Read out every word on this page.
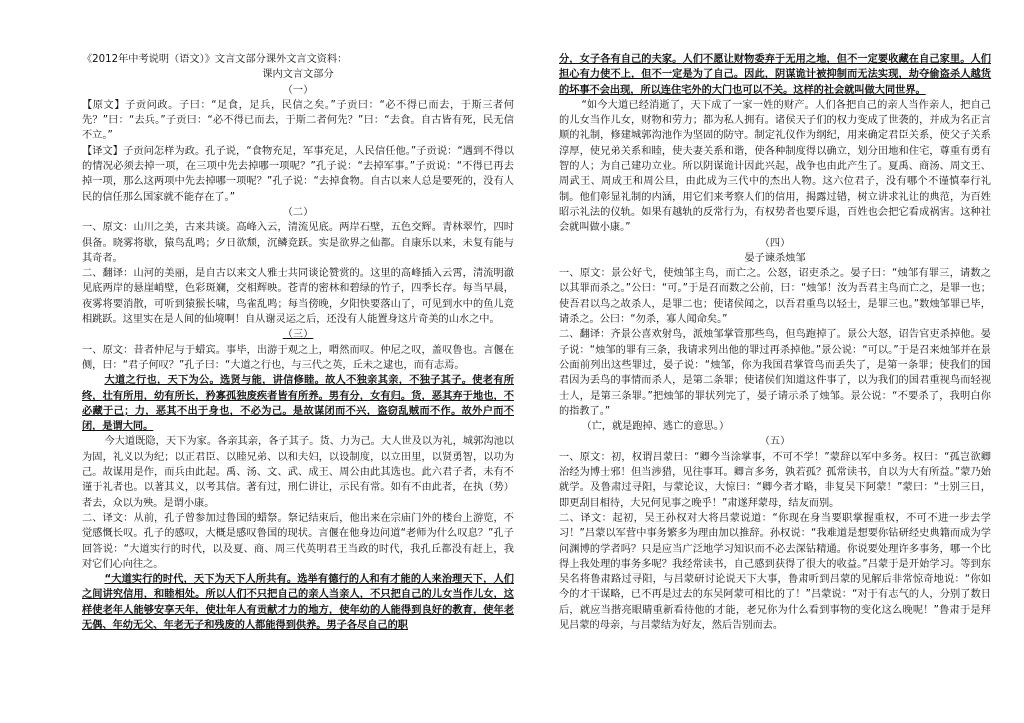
《2012年中考说明（语文）》文言文部分课外文言文资料：

课内文言文部分

（一）

【原文】子贡问政。子曰：“足食，足兵，民信之矣。”子贡曰：“必不得已而去，于斯三者何先？”曰：“去兵。”子贡曰：“必不得已而去，于斯二者何先？”曰：“去食。自古皆有死，民无信不立。”

【译文】子贡问怎样为政。孔子说，“食物充足，军事充足，人民信任他。”子贡说：“遇到不得以的情况必须去掉一项，在三项中先去掉哪一项呢？”孔子说：“去掉军事。”子贡说：“不得已再去掉一项，那么这两项中先去掉哪一项呢？”孔子说：“去掉食物。自古以来人总是要死的，没有人民的信任那么国家就不能存在了。”

（二）

一、原文：山川之美，古来共谈。高峰入云，清流见底。两岸石壁，五色交辉。青林翠竹，四时俱备。晓雾将歇，猿鸟乱鸣；夕日欲颓，沉鳞竞跃。实是欲界之仙都。自康乐以来，未复有能与其奇者。

二、翻译：山河的美丽，是自古以来文人雅士共同谈论赞赏的。这里的高峰插入云霄，清流明澈见底两岸的悬崖峭壁，色彩斑斓，交相辉映。苍青的密林和碧绿的竹子，四季长存。每当早晨，夜雾将要消散，可听到猿猴长啸，鸟雀乱鸣；每当傍晚，夕阳快要落山了，可见到水中的鱼儿竞相跳跃。这里实在是人间的仙境啊！自从谢灵运之后，还没有人能置身这片奇美的山水之中。

（三）

一、原文：昔者仲尼与于蜡宾。事毕，出游于观之上，喟然而叹。仲尼之叹，盖叹鲁也。言偃在侧，曰：“君子何叹？”孔子曰：“大道之行也，与三代之英，丘未之逮也，而有志焉。

大道之行也，天下为公。选贤与能，讲信修睦。故人不独亲其亲，不独子其子。使老有所终，壮有所用，幼有所长，矜寡孤独废疾者皆有所养。男有分，女有归。货，恶其弃于地也，不必藏于己；力，恶其不出于身也，不必为己。是故谋闭而不兴，盗窃乱贼而不作。故外户而不闭，是谓大同。

今大道既隐，天下为家。各亲其亲，各子其子。货、力为己。大人世及以为礼，城郭沟池以为固，礼义以为纪；以正君臣、以睦兄弟、以和夫妇，以设制度，以立田里，以贤勇智，以功为己。故谋用是作，而兵由此起。禹、汤、文、武、成王、周公由此其选也。此六君子者，未有不谨于礼者也。以著其义，以考其信。著有过，刑仁讲让，示民有常。如有不由此者，在执（势）者去，众以为殃。是谓小康。

二、译文：从前，孔子曾参加过鲁国的蜡祭。祭记结束后，他出来在宗庙门外的楼台上游览，不觉感慨长叹。孔子的感叹，大概是感叹鲁国的现状。言偃在他身边问道“老师为什么叹息？”孔子回答说：“大道实行的时代，以及夏、商、周三代英明君王当政的时代，我孔丘都没有赶上，我对它们心向往之。

“大道实行的时代，天下为天下人所共有。选举有德行的人和有才能的人来治理天下，人们之间讲究信用，和睦相处。所以人们不只把自己的亲人当亲人，不只把自己的儿女当作儿女，这样使老年人能够安享天年，使壮年人有贡献才力的地方，使年幼的人能得到良好的教育，使年老无偶、年幼无父、年老无子和残废的人都能得到供养。男子各尽自己的职

分，女子各有自己的夫家。人们不愿让财物委弃于无用之地，但不一定要收藏在自己家里。人们担心有力使不上，但不一定是为了自己。因此，阴谋诡计被抑制而无法实现，劫夺偷盗杀人越货的坏事不会出现，所以连住宅外的大门也可以不关。这样的社会就叫做大同世界。

“如今大道已经消逝了，天下成了一家一姓的财产。人们各把自己的亲人当作亲人，把自己的儿女当作儿女，财物和劳力；都为私人拥有。诸侯天子们的权力变成了世袭的，并成为名正言顺的礼制，修建城郭沟池作为坚固的防守。制定礼仪作为纲纪，用来确定君臣关系，使父子关系淳厚，使兄弟关系和睦，使夫妻关系和谐，使各种制度得以确立，划分田地和住宅，尊重有勇有智的人；为自己建功立业。所以阴谋诡计因此兴起，战争也由此产生了。夏禹、商汤、周文王、周武王、周成王和周公旦，由此成为三代中的杰出人物。这六位君子，没有哪个不谨慎奉行礼制。他们彰显礼制的内涵，用它们来考察人们的信用，揭露过错，树立讲求礼让的典范，为百姓昭示礼法的仪轨。如果有越轨的反常行为，有权势者也要斥退，百姓也会把它看成祸害。这种社会就叫做小康。”

（四）

晏子谏杀烛邹

一、原文：景公好弋，使烛邹主鸟，而亡之。公怒，诏吏杀之。晏子曰：“烛邹有罪三，请数之以其罪而杀之。”公曰：“可。”于是召而数之公前，曰：“烛邹！汝为吾君主鸟而亡之，是罪一也；使吾君以鸟之故杀人，是罪二也；使诸侯闻之，以吾君重鸟以轻士，是罪三也。”数烛邹罪已毕，请杀之。公曰：“勿杀，寡人闻命矣。”

二、翻译：齐景公喜欢射鸟，派烛邹掌管那些鸟，但鸟跑掉了。景公大怒，诏告官吏杀掉他。晏子说：“烛邹的罪有三条，我请求列出他的罪过再杀掉他。”景公说：“可以。”于是召来烛邹并在景公面前列出这些罪过，晏子说：“烛邹，你为我国君掌管鸟而丢失了，是第一条罪；使我们的国君因为丢鸟的事情而杀人，是第二条罪；使诸侯们知道这件事了，以为我们的国君重视鸟而轻视士人，是第三条罪。”把烛邹的罪状列完了，晏子请示杀了烛邹。景公说：“不要杀了，我明白你的指教了。”

（亡，就是跑掉、逃亡的意思。）

（五）

一、原文：初，权谓吕蒙曰：“卿今当涂掌事，不可不学！”蒙辞以军中多务。权曰：“孤岂欲卿治经为博士邪！但当涉猎，见往事耳。卿言多务，孰若孤？孤常读书，自以为大有所益。”蒙乃始就学。及鲁肃过寻阳，与蒙论议，大惊曰：“卿今者才略，非复吴下阿蒙！”蒙曰：“士别三日，即更刮目相待，大兄何见事之晚乎！”肃遂拜蒙母，结友而别。

二、译文：起初，吴王孙权对大将吕蒙说道：“你现在身当要职掌握重权，不可不进一步去学习！”吕蒙以军营中事务繁多为理由加以推辞。孙权说：“我难道是想要你钻研经史典籍而成为学问渊博的学者吗？只是应当广泛地学习知识而不必去深钻精通。你说要处理许多事务，哪一个比得上我处理的事务多呢？我经常读书，自己感到获得了很大的收益。”吕蒙于是开始学习。等到东吴名将鲁肃路过寻阳，与吕蒙研讨论说天下大事，鲁肃听到吕蒙的见解后非常惊奇地说：“你如今的才干谋略，已不再是过去的东吴阿蒙可相比的了！”吕蒙说：“对于有志气的人，分别了数日后，就应当揩亮眼睛重新看待他的才能，老兄你为什么看到事物的变化这么晚呢！”鲁肃于是拜见吕蒙的母亲，与吕蒙结为好友，然后告别而去。
